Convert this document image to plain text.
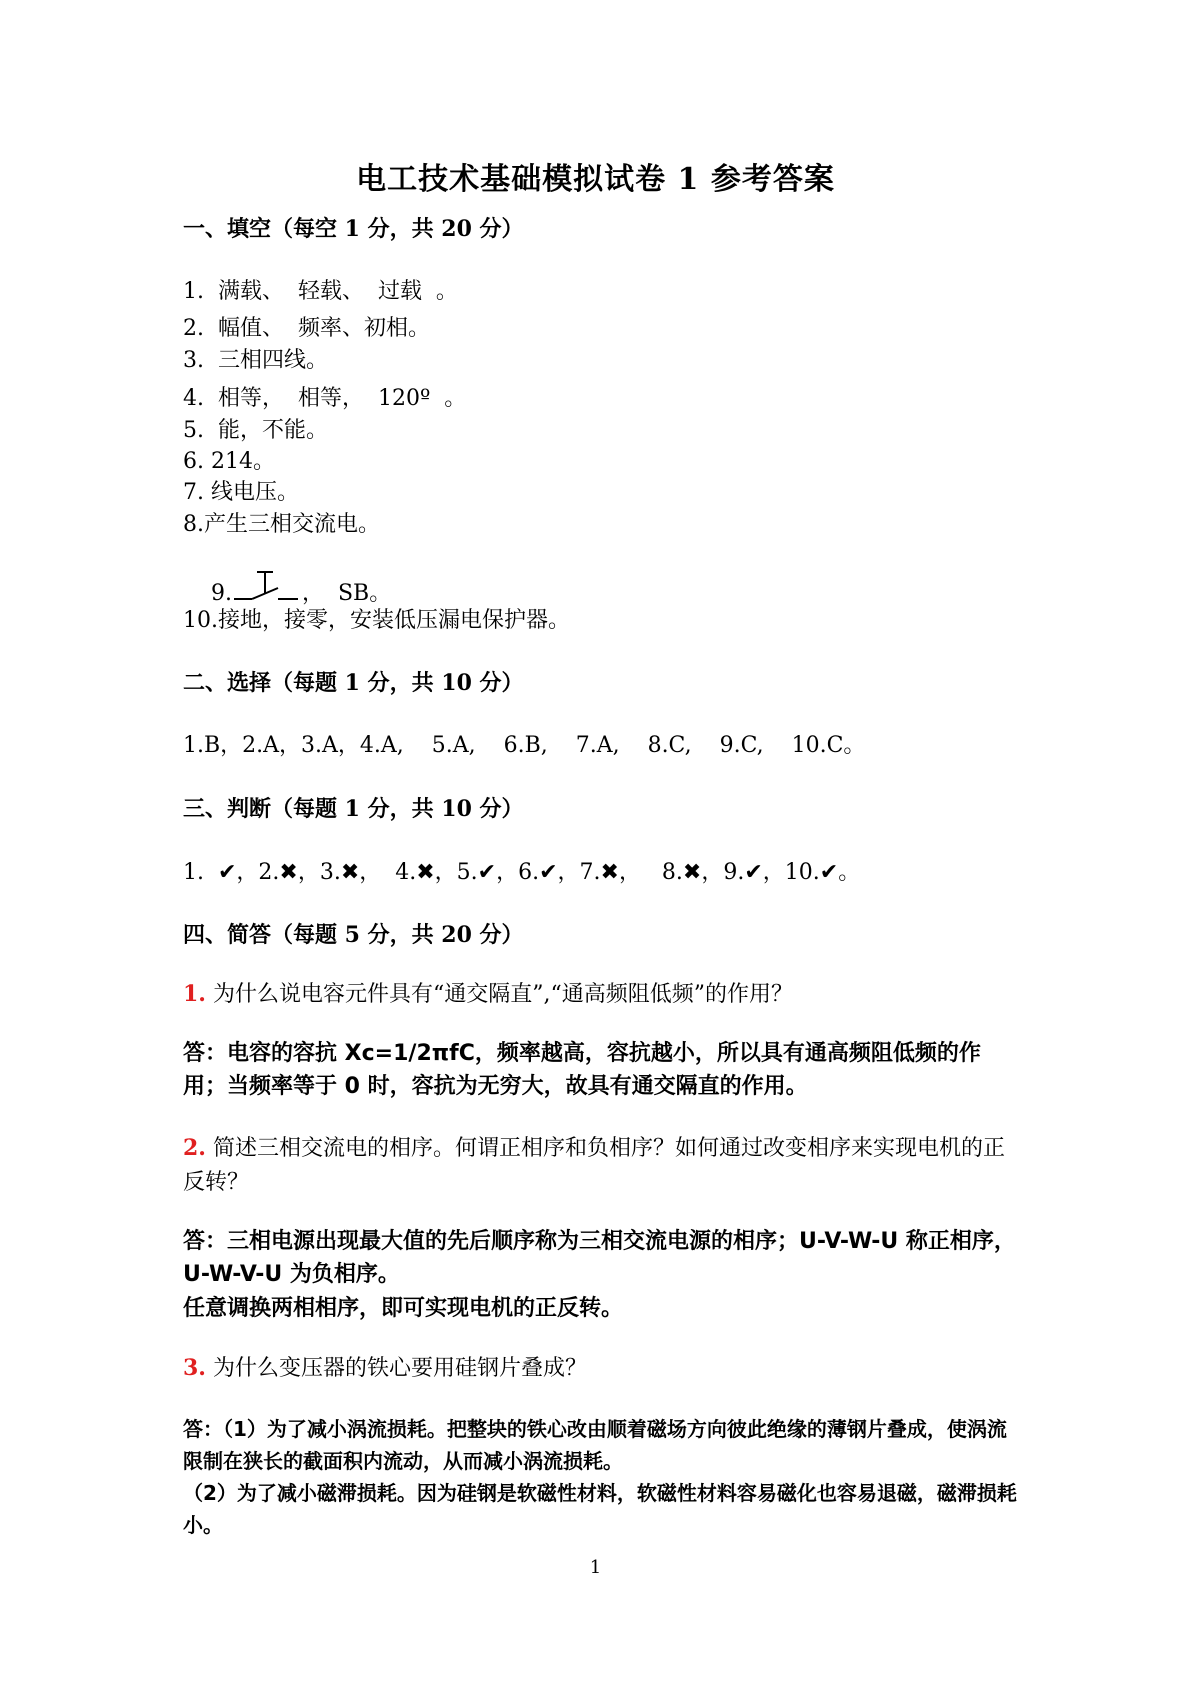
电工技术基础模拟试卷 1 参考答案
一、填空（每空 1 分，共 20 分）
1.  满载、  轻载、  过载  。
2.  幅值、  频率、初相。
3.  三相四线。
4.  相等，  相等，  120º  。
5.  能，不能。
6. 214。
7. 线电压。
8.产生三相交流电。

9.	，  SB。

10.接地，接零，安装低压漏电保护器。
二、选择（每题 1 分，共 10 分）
1.B，2.A，3.A，4.A,    5.A,    6.B,    7.A,    8.C,    9.C,    10.C。
三、判断（每题 1 分，共 10 分）
1.  ✔，2.✖，3.✖，  4.✖，5.✔，6.✔，7.✖，   8.✖，9.✔，10.✔。
四、简答（每题 5 分，共 20 分）
1. 为什么说电容元件具有“通交隔直”,“通高频阻低频”的作用？
答：电容的容抗 Xc=1/2πfC，频率越高，容抗越小，所以具有通高频阻低频的作用；当频率等于 0 时，容抗为无穷大，故具有通交隔直的作用。
2. 简述三相交流电的相序。何谓正相序和负相序？如何通过改变相序来实现电机的正反转？
答：三相电源出现最大值的先后顺序称为三相交流电源的相序；U-V-W-U 称正相序，U-W-V-U 为负相序。
任意调换两相相序，即可实现电机的正反转。
3. 为什么变压器的铁心要用硅钢片叠成？
答：（1）为了减小涡流损耗。把整块的铁心改由顺着磁场方向彼此绝缘的薄钢片叠成，使涡流限制在狭长的截面积内流动，从而减小涡流损耗。
（2）为了减小磁滞损耗。因为硅钢是软磁性材料，软磁性材料容易磁化也容易退磁，磁滞损耗小。
1
